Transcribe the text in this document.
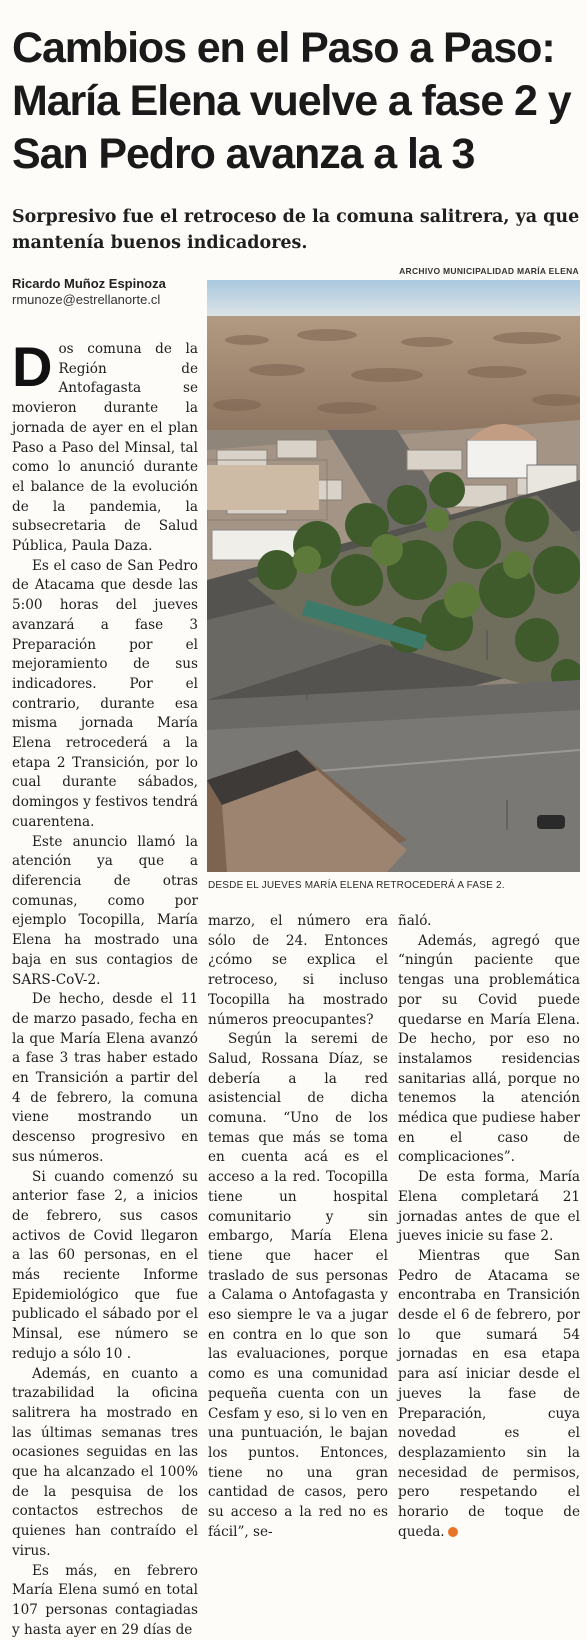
Cambios en el Paso a Paso: María Elena vuelve a fase 2 y San Pedro avanza a la 3

Sorpresivo fue el retroceso de la comuna salitrera, ya que mantenía buenos indicadores.

Ricardo Muñoz Espinoza
rmunoze@estrellanorte.cl
ARCHIVO MUNICIPALIDAD MARÍA ELENA
DESDE EL JUEVES MARÍA ELENA RETROCEDERÁ A FASE 2.

Dos comuna de la Región de Antofagasta se movieron durante la jornada de ayer en el plan Paso a Paso del Minsal, tal como lo anunció durante el balance de la evolución de la pandemia, la subsecretaria de Salud Pública, Paula Daza.

Es el caso de San Pedro de Atacama que desde las 5:00 horas del jueves avanzará a fase 3 Preparación por el mejoramiento de sus indicadores. Por el contrario, durante esa misma jornada María Elena retrocederá a la etapa 2 Transición, por lo cual durante sábados, domingos y festivos tendrá cuarentena.

Este anuncio llamó la atención ya que a diferencia de otras comunas, como por ejemplo Tocopilla, María Elena ha mostrado una baja en sus contagios de SARS-CoV-2.

De hecho, desde el 11 de marzo pasado, fecha en la que María Elena avanzó a fase 3 tras haber estado en Transición a partir del 4 de febrero, la comuna viene mostrando un descenso progresivo en sus números.

Si cuando comenzó su anterior fase 2, a inicios de febrero, sus casos activos de Covid llegaron a las 60 personas, en el más reciente Informe Epidemiológico que fue publicado el sábado por el Minsal, ese número se redujo a sólo 10 .

Además, en cuanto a trazabilidad la oficina salitrera ha mostrado en las últimas semanas tres ocasiones seguidas en las que ha alcanzado el 100% de la pesquisa de los contactos estrechos de quienes han contraído el virus.

Es más, en febrero María Elena sumó en total 107 personas contagiadas y hasta ayer en 29 días de

marzo, el número era sólo de 24. Entonces ¿cómo se explica el retroceso, si incluso Tocopilla ha mostrado números preocupantes?

Según la seremi de Salud, Rossana Díaz, se debería a la red asistencial de dicha comuna. “Uno de los temas que más se toma en cuenta acá es el acceso a la red. Tocopilla tiene un hospital comunitario y sin embargo, María Elena tiene que hacer el traslado de sus personas a Calama o Antofagasta y eso siempre le va a jugar en contra en lo que son las evaluaciones, porque como es una comunidad pequeña cuenta con un Cesfam y eso, si lo ven en una puntuación, le bajan los puntos. Entonces, tiene no una gran cantidad de casos, pero su acceso a la red no es fácil”, se-

ñaló.

Además, agregó que “ningún paciente que tengas una problemática por su Covid puede quedarse en María Elena. De hecho, por eso no instalamos residencias sanitarias allá, porque no tenemos la atención médica que pudiese haber en el caso de complicaciones”.

De esta forma, María Elena completará 21 jornadas antes de que el jueves inicie su fase 2.

Mientras que San Pedro de Atacama se encontraba en Transición desde el 6 de febrero, por lo que sumará 54 jornadas en esa etapa para así iniciar desde el jueves la fase de Preparación, cuya novedad es el desplazamiento sin la necesidad de permisos, pero respetando el horario de toque de queda.
